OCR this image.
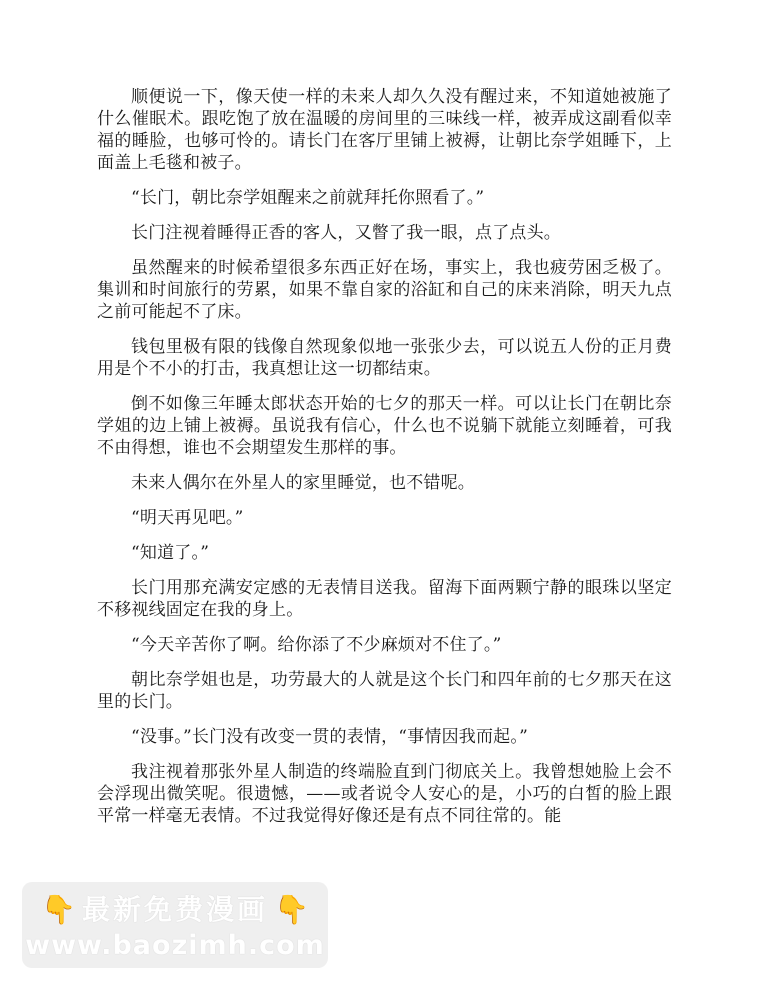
顺便说一下，像天使一样的未来人却久久没有醒过来，不知道她被施了什么催眠术。跟吃饱了放在温暖的房间里的三味线一样，被弄成这副看似幸福的睡脸，也够可怜的。请长门在客厅里铺上被褥，让朝比奈学姐睡下，上面盖上毛毯和被子。

“长门，朝比奈学姐醒来之前就拜托你照看了。”

长门注视着睡得正香的客人，又瞥了我一眼，点了点头。

虽然醒来的时候希望很多东西正好在场，事实上，我也疲劳困乏极了。集训和时间旅行的劳累，如果不靠自家的浴缸和自己的床来消除，明天九点之前可能起不了床。

钱包里极有限的钱像自然现象似地一张张少去，可以说五人份的正月费用是个不小的打击，我真想让这一切都结束。

倒不如像三年睡太郎状态开始的七夕的那天一样。可以让长门在朝比奈学姐的边上铺上被褥。虽说我有信心，什么也不说躺下就能立刻睡着，可我不由得想，谁也不会期望发生那样的事。

未来人偶尔在外星人的家里睡觉，也不错呢。

“明天再见吧。”

“知道了。”

长门用那充满安定感的无表情目送我。留海下面两颗宁静的眼珠以坚定不移视线固定在我的身上。

“今天辛苦你了啊。给你添了不少麻烦对不住了。”

朝比奈学姐也是，功劳最大的人就是这个长门和四年前的七夕那天在这里的长门。

“没事。”长门没有改变一贯的表情，“事情因我而起。”

我注视着那张外星人制造的终端脸直到门彻底关上。我曾想她脸上会不会浮现出微笑呢。很遗憾，——或者说令人安心的是，小巧的白皙的脸上跟平常一样毫无表情。不过我觉得好像还是有点不同往常的。能

👇 最新免费漫画 👇
www.baozimh.com
